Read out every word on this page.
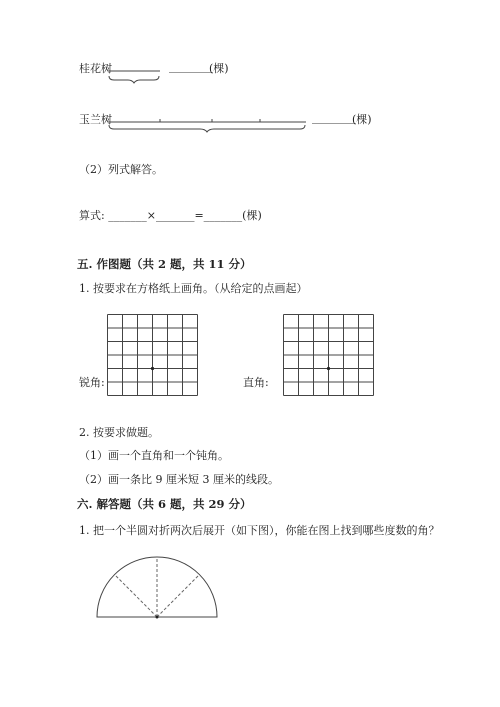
桂花树	________
(棵)
玉兰树	________
(棵)
（2）列式解答。
算式: _______×_______=_______(棵)
五. 作图题（共 2 题，共 11 分）
1. 按要求在方格纸上画角。（从给定的点画起）
锐角:	直角:
2. 按要求做题。
（1）画一个直角和一个钝角。
（2）画一条比 9 厘米短 3 厘米的线段。
六. 解答题（共 6 题，共 29 分）
1. 把一个半圆对折两次后展开（如下图），你能在图上找到哪些度数的角？
